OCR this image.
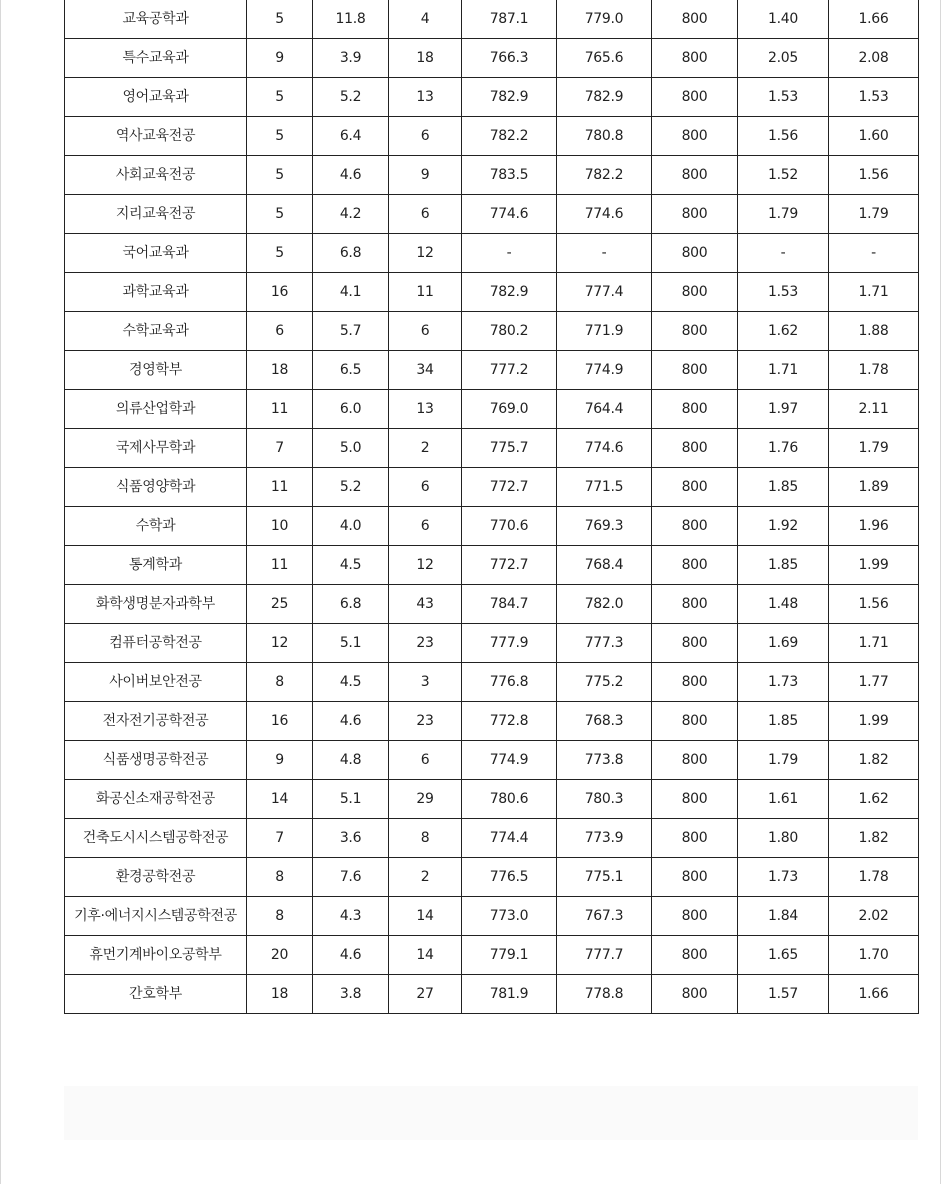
교육공학과	5	11.8	4	787.1	779.0	800	1.40	1.66
특수교육과	9	3.9	18	766.3	765.6	800	2.05	2.08
영어교육과	5	5.2	13	782.9	782.9	800	1.53	1.53
역사교육전공	5	6.4	6	782.2	780.8	800	1.56	1.60
사회교육전공	5	4.6	9	783.5	782.2	800	1.52	1.56
지리교육전공	5	4.2	6	774.6	774.6	800	1.79	1.79
국어교육과	5	6.8	12	-	-	800	-	-
과학교육과	16	4.1	11	782.9	777.4	800	1.53	1.71
수학교육과	6	5.7	6	780.2	771.9	800	1.62	1.88
경영학부	18	6.5	34	777.2	774.9	800	1.71	1.78
의류산업학과	11	6.0	13	769.0	764.4	800	1.97	2.11
국제사무학과	7	5.0	2	775.7	774.6	800	1.76	1.79
식품영양학과	11	5.2	6	772.7	771.5	800	1.85	1.89
수학과	10	4.0	6	770.6	769.3	800	1.92	1.96
통계학과	11	4.5	12	772.7	768.4	800	1.85	1.99
화학생명분자과학부	25	6.8	43	784.7	782.0	800	1.48	1.56
컴퓨터공학전공	12	5.1	23	777.9	777.3	800	1.69	1.71
사이버보안전공	8	4.5	3	776.8	775.2	800	1.73	1.77
전자전기공학전공	16	4.6	23	772.8	768.3	800	1.85	1.99
식품생명공학전공	9	4.8	6	774.9	773.8	800	1.79	1.82
화공신소재공학전공	14	5.1	29	780.6	780.3	800	1.61	1.62
건축도시시스템공학전공	7	3.6	8	774.4	773.9	800	1.80	1.82
환경공학전공	8	7.6	2	776.5	775.1	800	1.73	1.78
기후·에너지시스템공학전공	8	4.3	14	773.0	767.3	800	1.84	2.02
휴먼기계바이오공학부	20	4.6	14	779.1	777.7	800	1.65	1.70
간호학부	18	3.8	27	781.9	778.8	800	1.57	1.66
